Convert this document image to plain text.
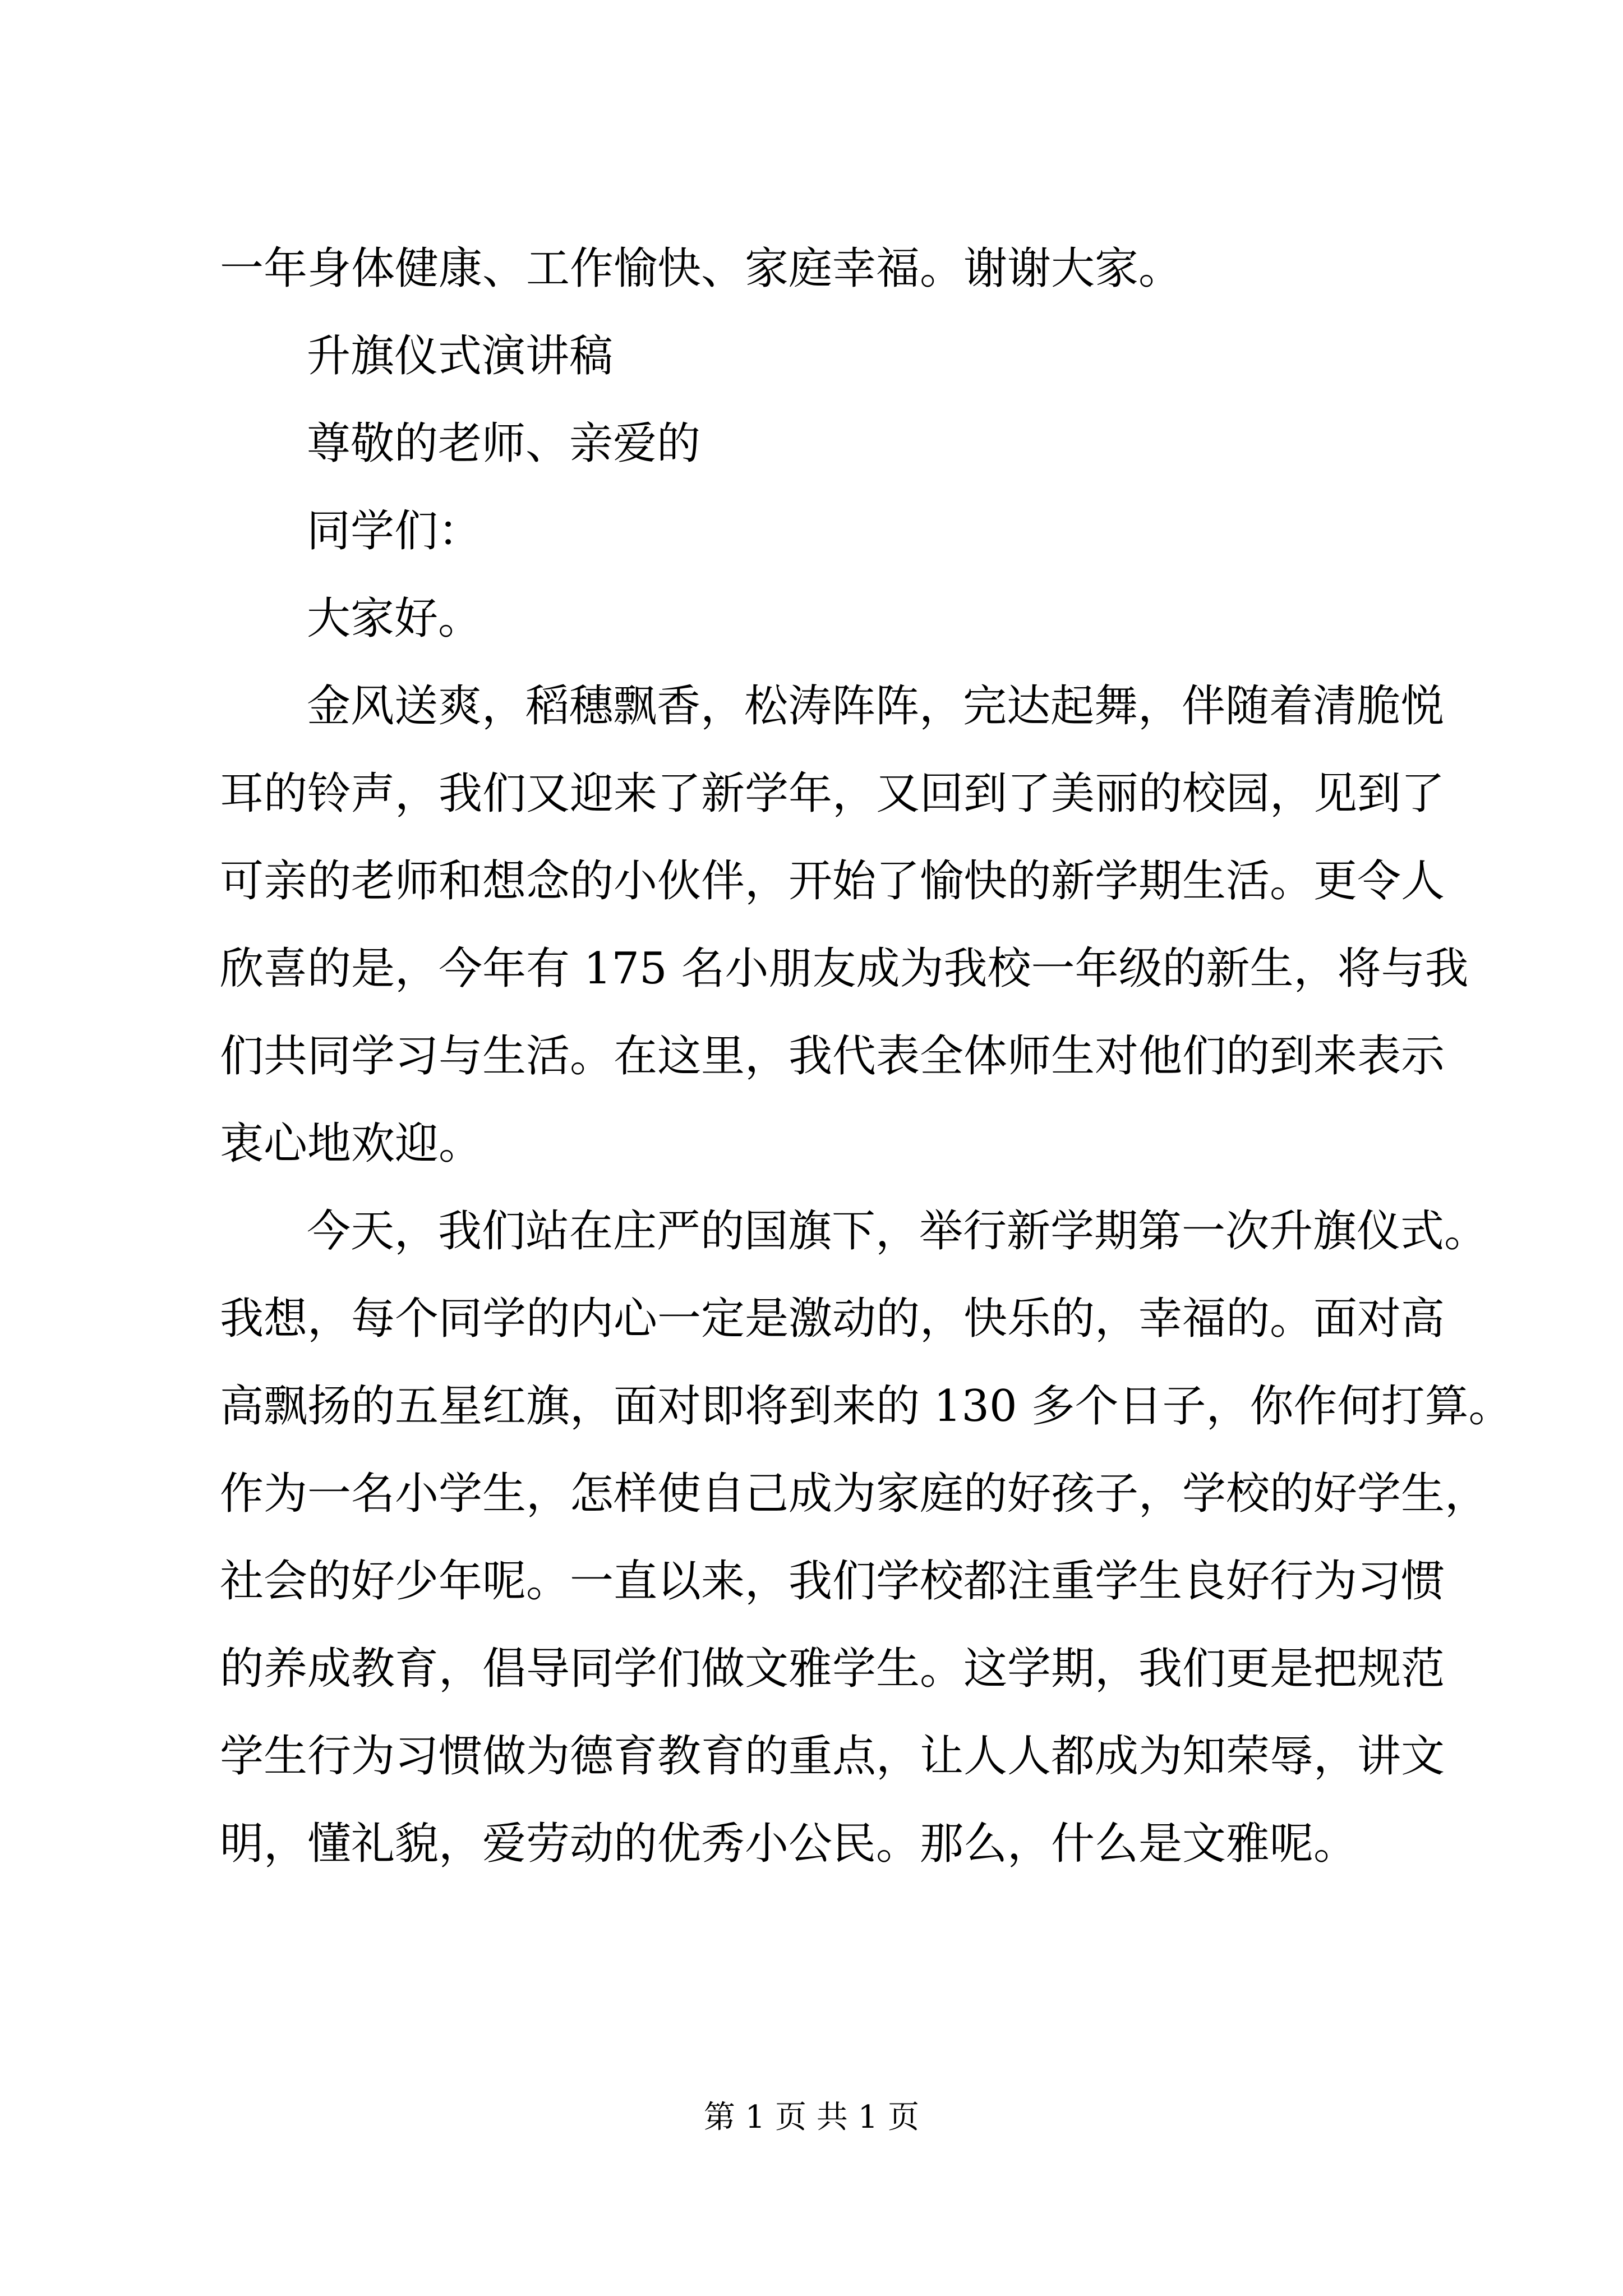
一年身体健康、工作愉快、家庭幸福。谢谢大家。
升旗仪式演讲稿
尊敬的老师、亲爱的
同学们：
大家好。
金风送爽，稻穗飘香，松涛阵阵，完达起舞，伴随着清脆悦
耳的铃声，我们又迎来了新学年，又回到了美丽的校园，见到了
可亲的老师和想念的小伙伴，开始了愉快的新学期生活。更令人
欣喜的是，今年有 175 名小朋友成为我校一年级的新生，将与我
们共同学习与生活。在这里，我代表全体师生对他们的到来表示
衷心地欢迎。
今天，我们站在庄严的国旗下，举行新学期第一次升旗仪式。
我想，每个同学的内心一定是激动的，快乐的，幸福的。面对高
高飘扬的五星红旗，面对即将到来的 130 多个日子，你作何打算。
作为一名小学生，怎样使自己成为家庭的好孩子，学校的好学生，
社会的好少年呢。一直以来，我们学校都注重学生良好行为习惯
的养成教育，倡导同学们做文雅学生。这学期，我们更是把规范
学生行为习惯做为德育教育的重点，让人人都成为知荣辱，讲文
明，懂礼貌，爱劳动的优秀小公民。那么，什么是文雅呢。
第 1 页 共 1 页
